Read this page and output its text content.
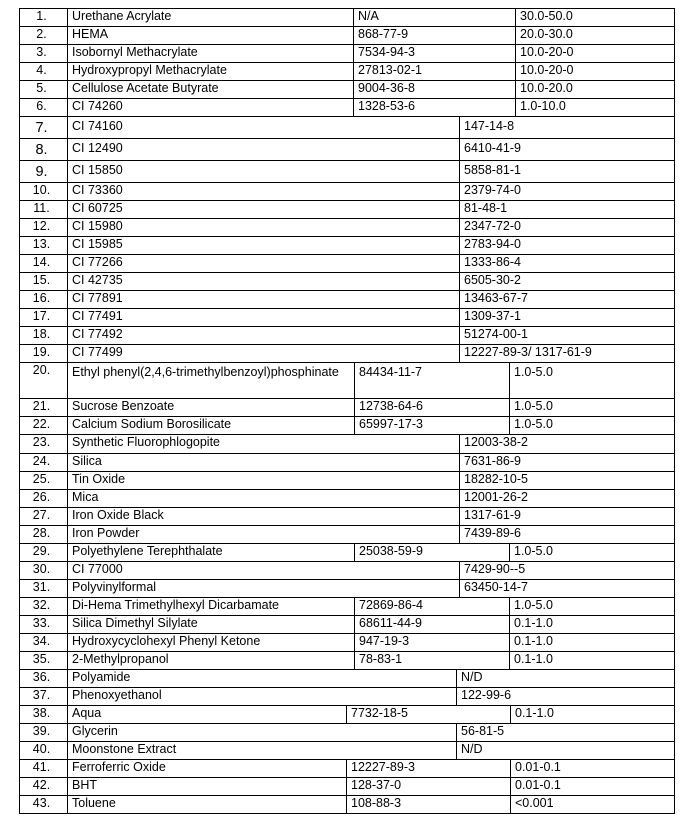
1.	Urethane Acrylate	N/A	30.0-50.0
2.	HEMA	868-77-9	20.0-30.0
3.	Isobornyl Methacrylate	7534-94-3	10.0-20-0
4.	Hydroxypropyl Methacrylate	27813-02-1	10.0-20-0
5.	Cellulose Acetate Butyrate	9004-36-8	10.0-20.0
6.	CI 74260	1328-53-6	1.0-10.0
7.	CI 74160	147-14-8
8.	CI 12490	6410-41-9
9.	CI 15850	5858-81-1
10.	CI 73360	2379-74-0
11.	CI 60725	81-48-1
12.	CI 15980	2347-72-0
13.	CI 15985	2783-94-0
14.	CI 77266	1333-86-4
15.	CI 42735	6505-30-2
16.	CI 77891	13463-67-7
17.	CI 77491	1309-37-1
18.	CI 77492	51274-00-1
19.	CI 77499	12227-89-3/ 1317-61-9
20.	Ethyl phenyl(2,4,6-trimethylbenzoyl)phosphinate	84434-11-7	1.0-5.0
21.	Sucrose Benzoate	12738-64-6	1.0-5.0
22.	Calcium Sodium Borosilicate	65997-17-3	1.0-5.0
23.	Synthetic Fluorophlogopite	12003-38-2
24.	Silica	7631-86-9
25.	Tin Oxide	18282-10-5
26.	Mica	12001-26-2
27.	Iron Oxide Black	1317-61-9
28.	Iron Powder	7439-89-6
29.	Polyethylene Terephthalate	25038-59-9	1.0-5.0
30.	CI 77000	7429-90--5
31.	Polyvinylformal	63450-14-7
32.	Di-Hema Trimethylhexyl Dicarbamate	72869-86-4	1.0-5.0
33.	Silica Dimethyl Silylate	68611-44-9	0.1-1.0
34.	Hydroxycyclohexyl Phenyl Ketone	947-19-3	0.1-1.0
35.	2-Methylpropanol	78-83-1	0.1-1.0
36.	Polyamide	N/D
37.	Phenoxyethanol	122-99-6
38.	Aqua	7732-18-5	0.1-1.0
39.	Glycerin	56-81-5
40.	Moonstone Extract	N/D
41.	Ferroferric Oxide	12227-89-3	0.01-0.1
42.	BHT	128-37-0	0.01-0.1
43.	Toluene	108-88-3	<0.001
